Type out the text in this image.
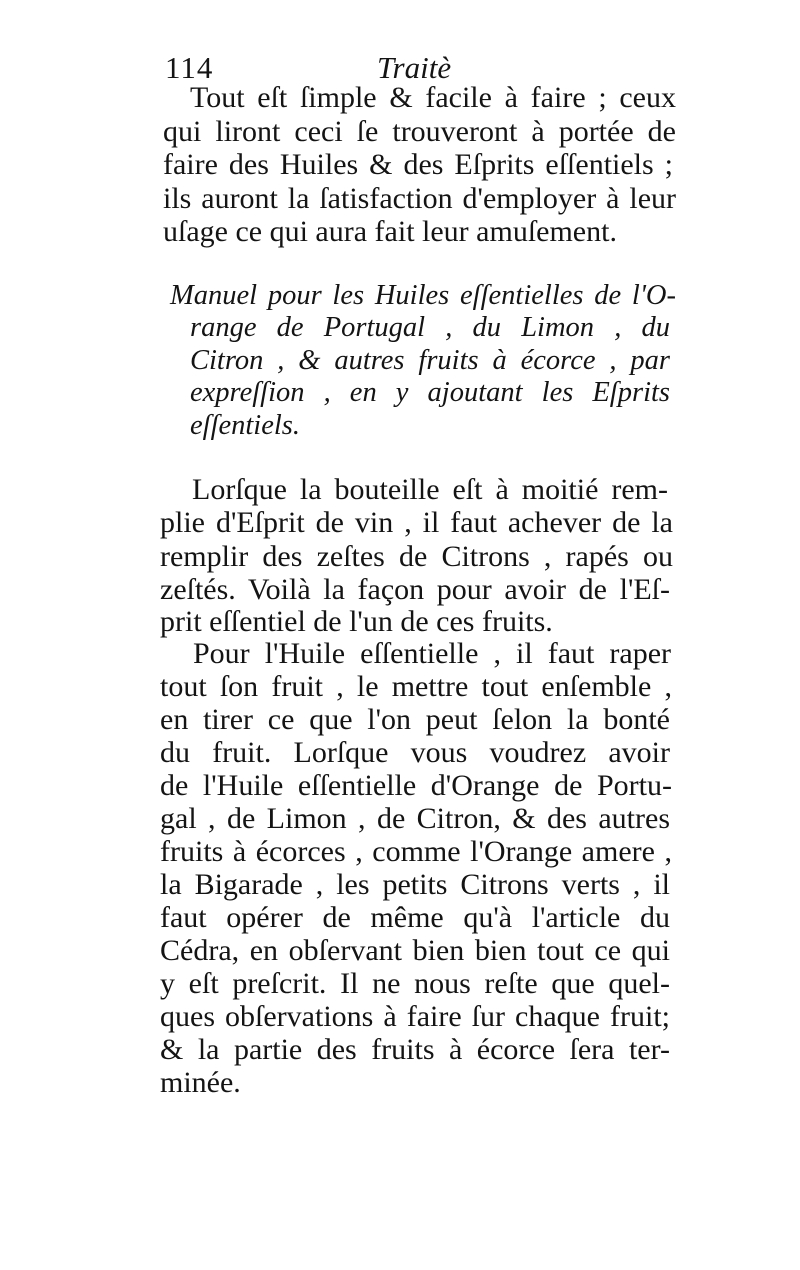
114	Traitè
Tout eſt ſimple & facile à faire ; ceux
qui liront ceci ſe trouveront à portée de
faire des Huiles & des Eſprits eſſentiels ;
ils auront la ſatisfaction d'employer à leur
uſage ce qui aura fait leur amuſement.
Manuel pour les Huiles eſſentielles de l'O-
range de Portugal , du Limon , du
Citron , & autres fruits à écorce , par
expreſſion , en y ajoutant les Eſprits
eſſentiels.
Lorſque la bouteille eſt à moitié rem-
plie d'Eſprit de vin , il faut achever de la
remplir des zeſtes de Citrons , rapés ou
zeſtés. Voilà la façon pour avoir de l'Eſ-
prit eſſentiel de l'un de ces fruits.
Pour l'Huile eſſentielle , il faut raper
tout ſon fruit , le mettre tout enſemble ,
en tirer ce que l'on peut ſelon la bonté
du fruit. Lorſque vous voudrez avoir
de l'Huile eſſentielle d'Orange de Portu-
gal , de Limon , de Citron, & des autres
fruits à écorces , comme l'Orange amere ,
la Bigarade , les petits Citrons verts , il
faut opérer de même qu'à l'article du
Cédra, en obſervant bien bien tout ce qui
y eſt preſcrit. Il ne nous reſte que quel-
ques obſervations à faire ſur chaque fruit;
& la partie des fruits à écorce ſera ter-
minée.
